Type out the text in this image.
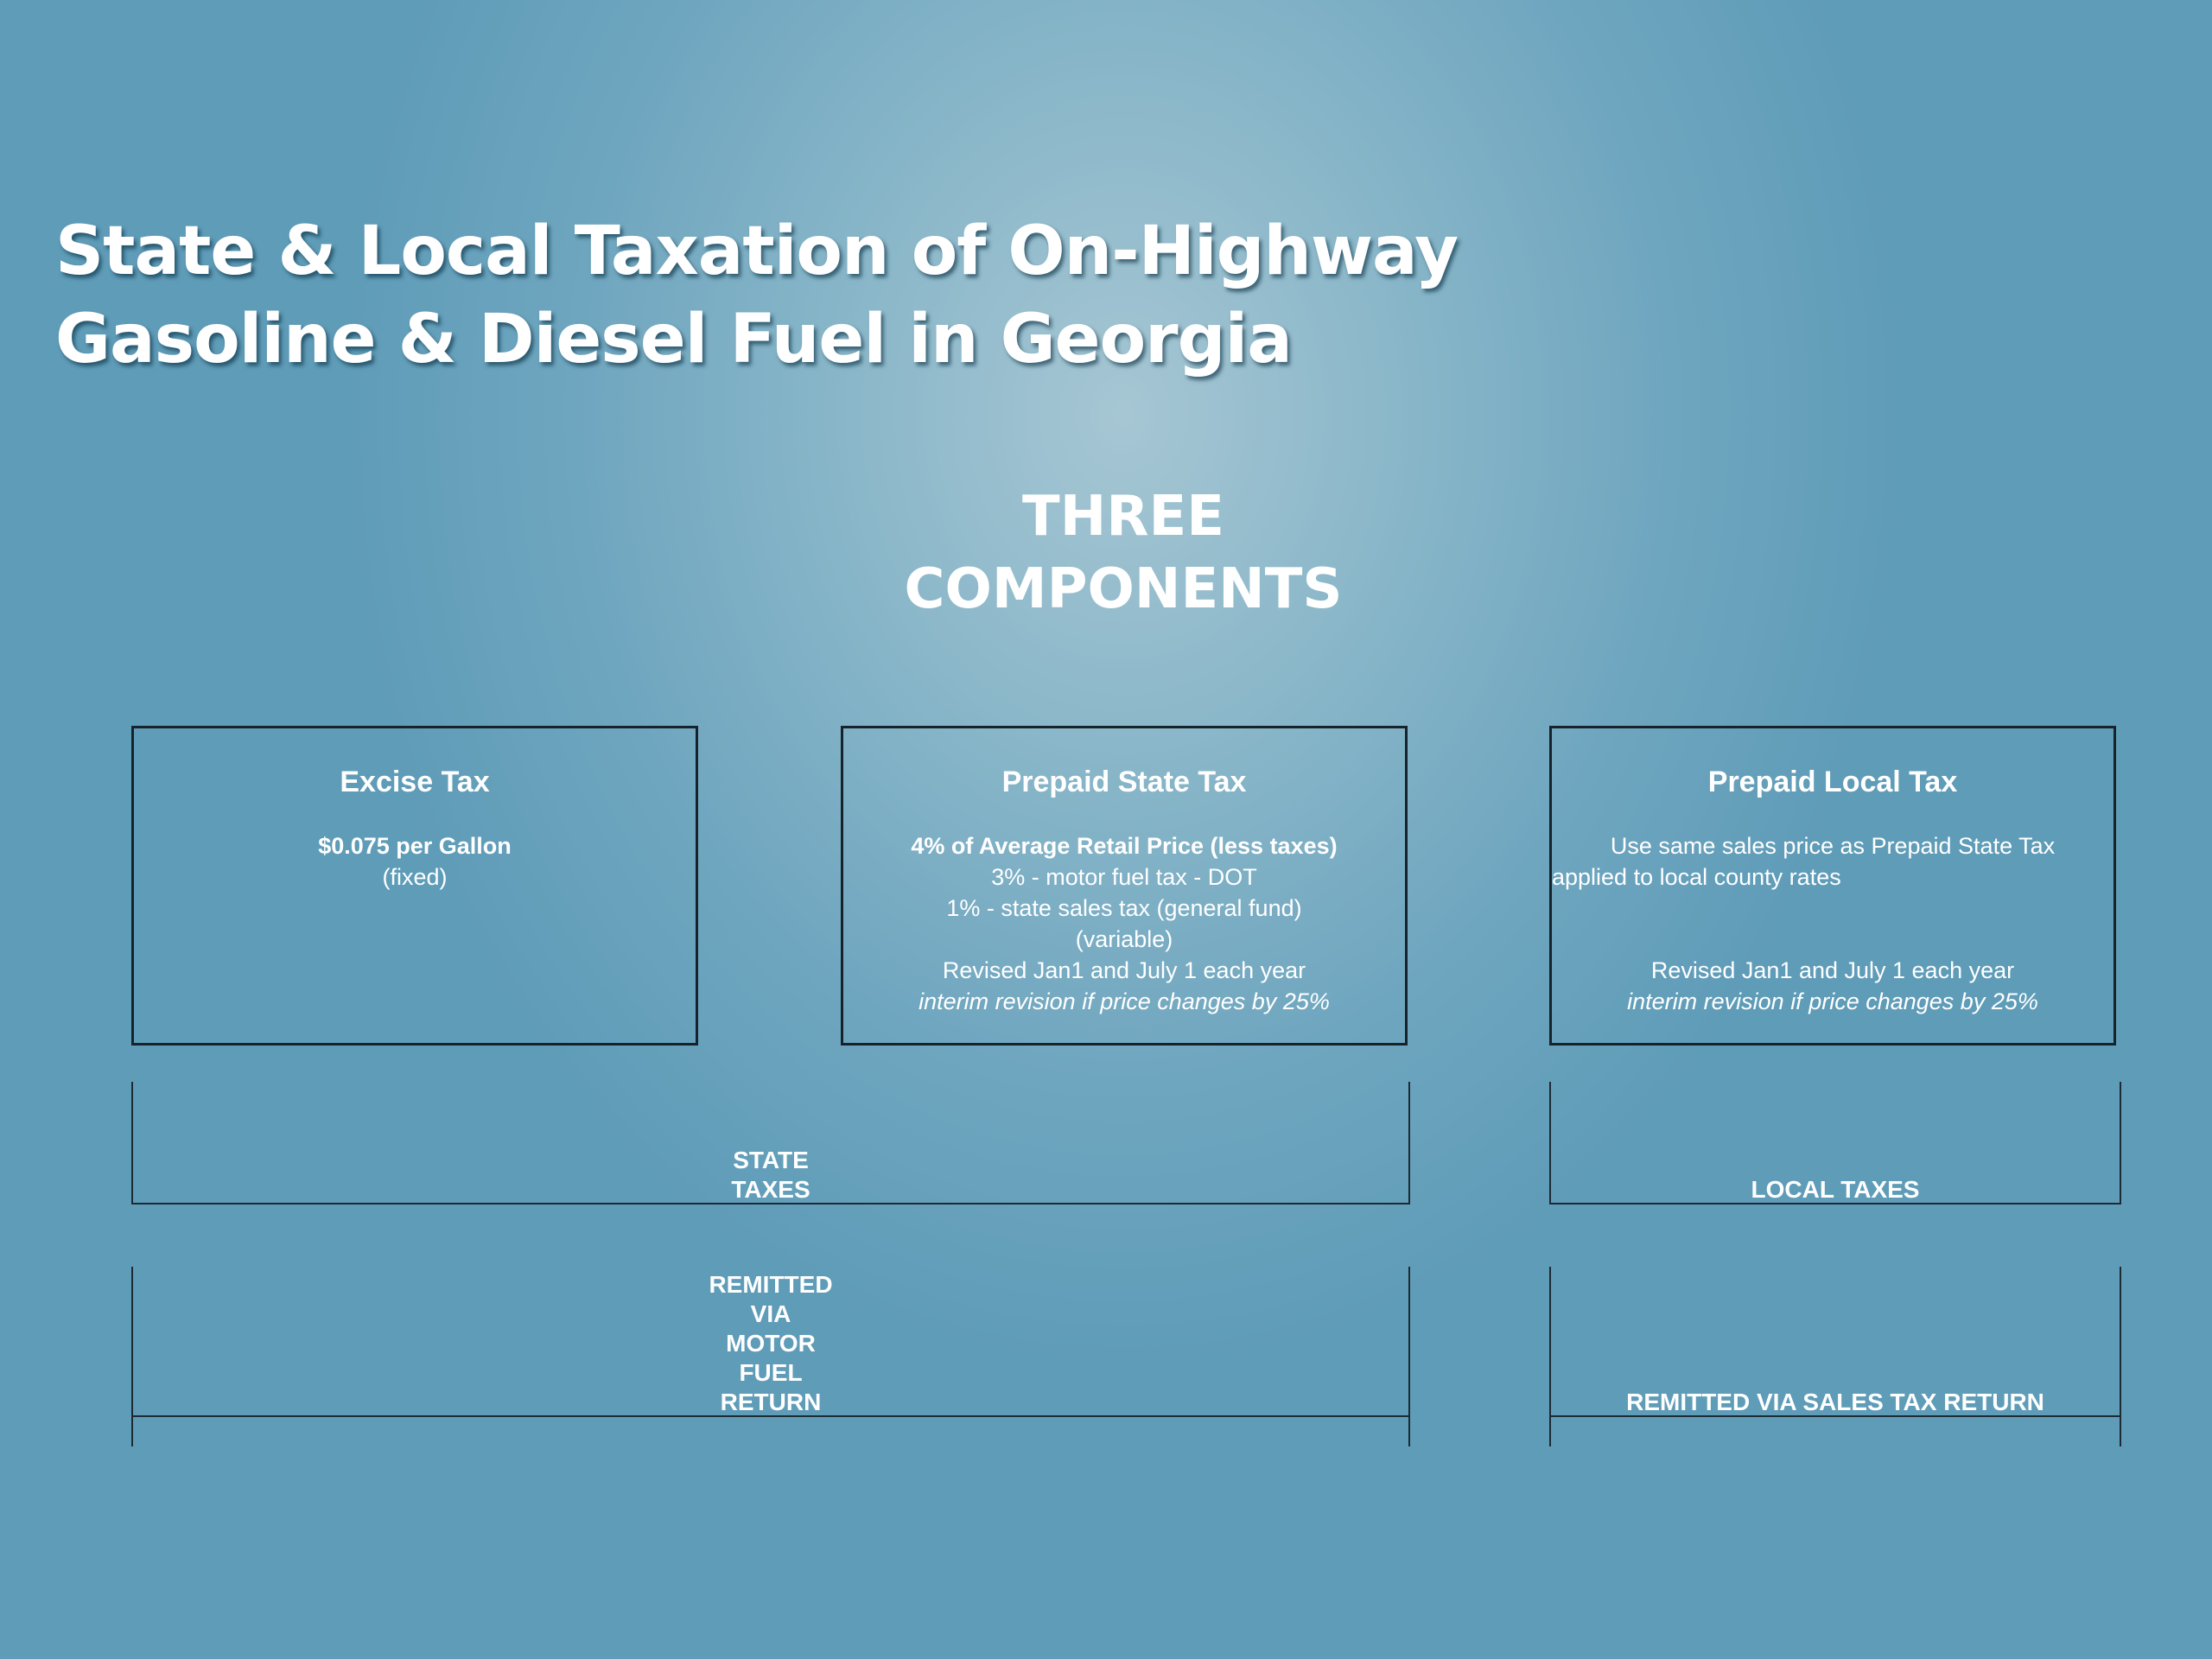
State & Local Taxation of On-Highway
Gasoline & Diesel Fuel in Georgia
THREE
COMPONENTS
Excise Tax
$0.075 per Gallon
(fixed)
Prepaid State Tax
4% of Average Retail Price (less taxes)
3% - motor fuel tax - DOT
1% - state sales tax (general fund)
(variable)
Revised Jan1 and July 1 each year
interim revision if price changes by 25%
Prepaid Local Tax
Use same sales price as Prepaid State Tax
applied to local county rates
Revised Jan1 and July 1 each year
interim revision if price changes by 25%
STATE
TAXES	LOCAL TAXES
REMITTED
VIA
MOTOR
FUEL
RETURN	REMITTED VIA SALES TAX RETURN
